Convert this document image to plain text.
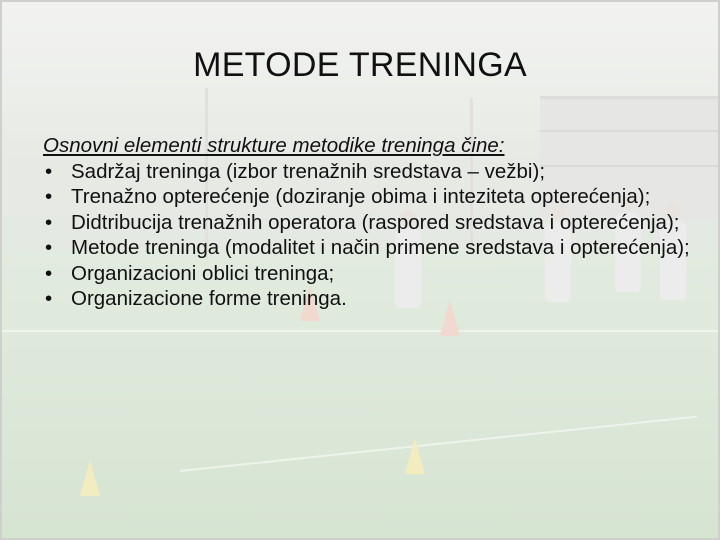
METODE TRENINGA
Osnovni elementi strukture metodike treninga čine:
• Sadržaj treninga (izbor trenažnih sredstava – vežbi);
• Trenažno opterećenje (doziranje obima i inteziteta opterećenja);
• Didtribucija trenažnih operatora (raspored sredstava i opterećenja);
• Metode treninga (modalitet i način primene sredstava i opterećenja);
• Organizacioni oblici treninga;
• Organizacione forme treninga.
